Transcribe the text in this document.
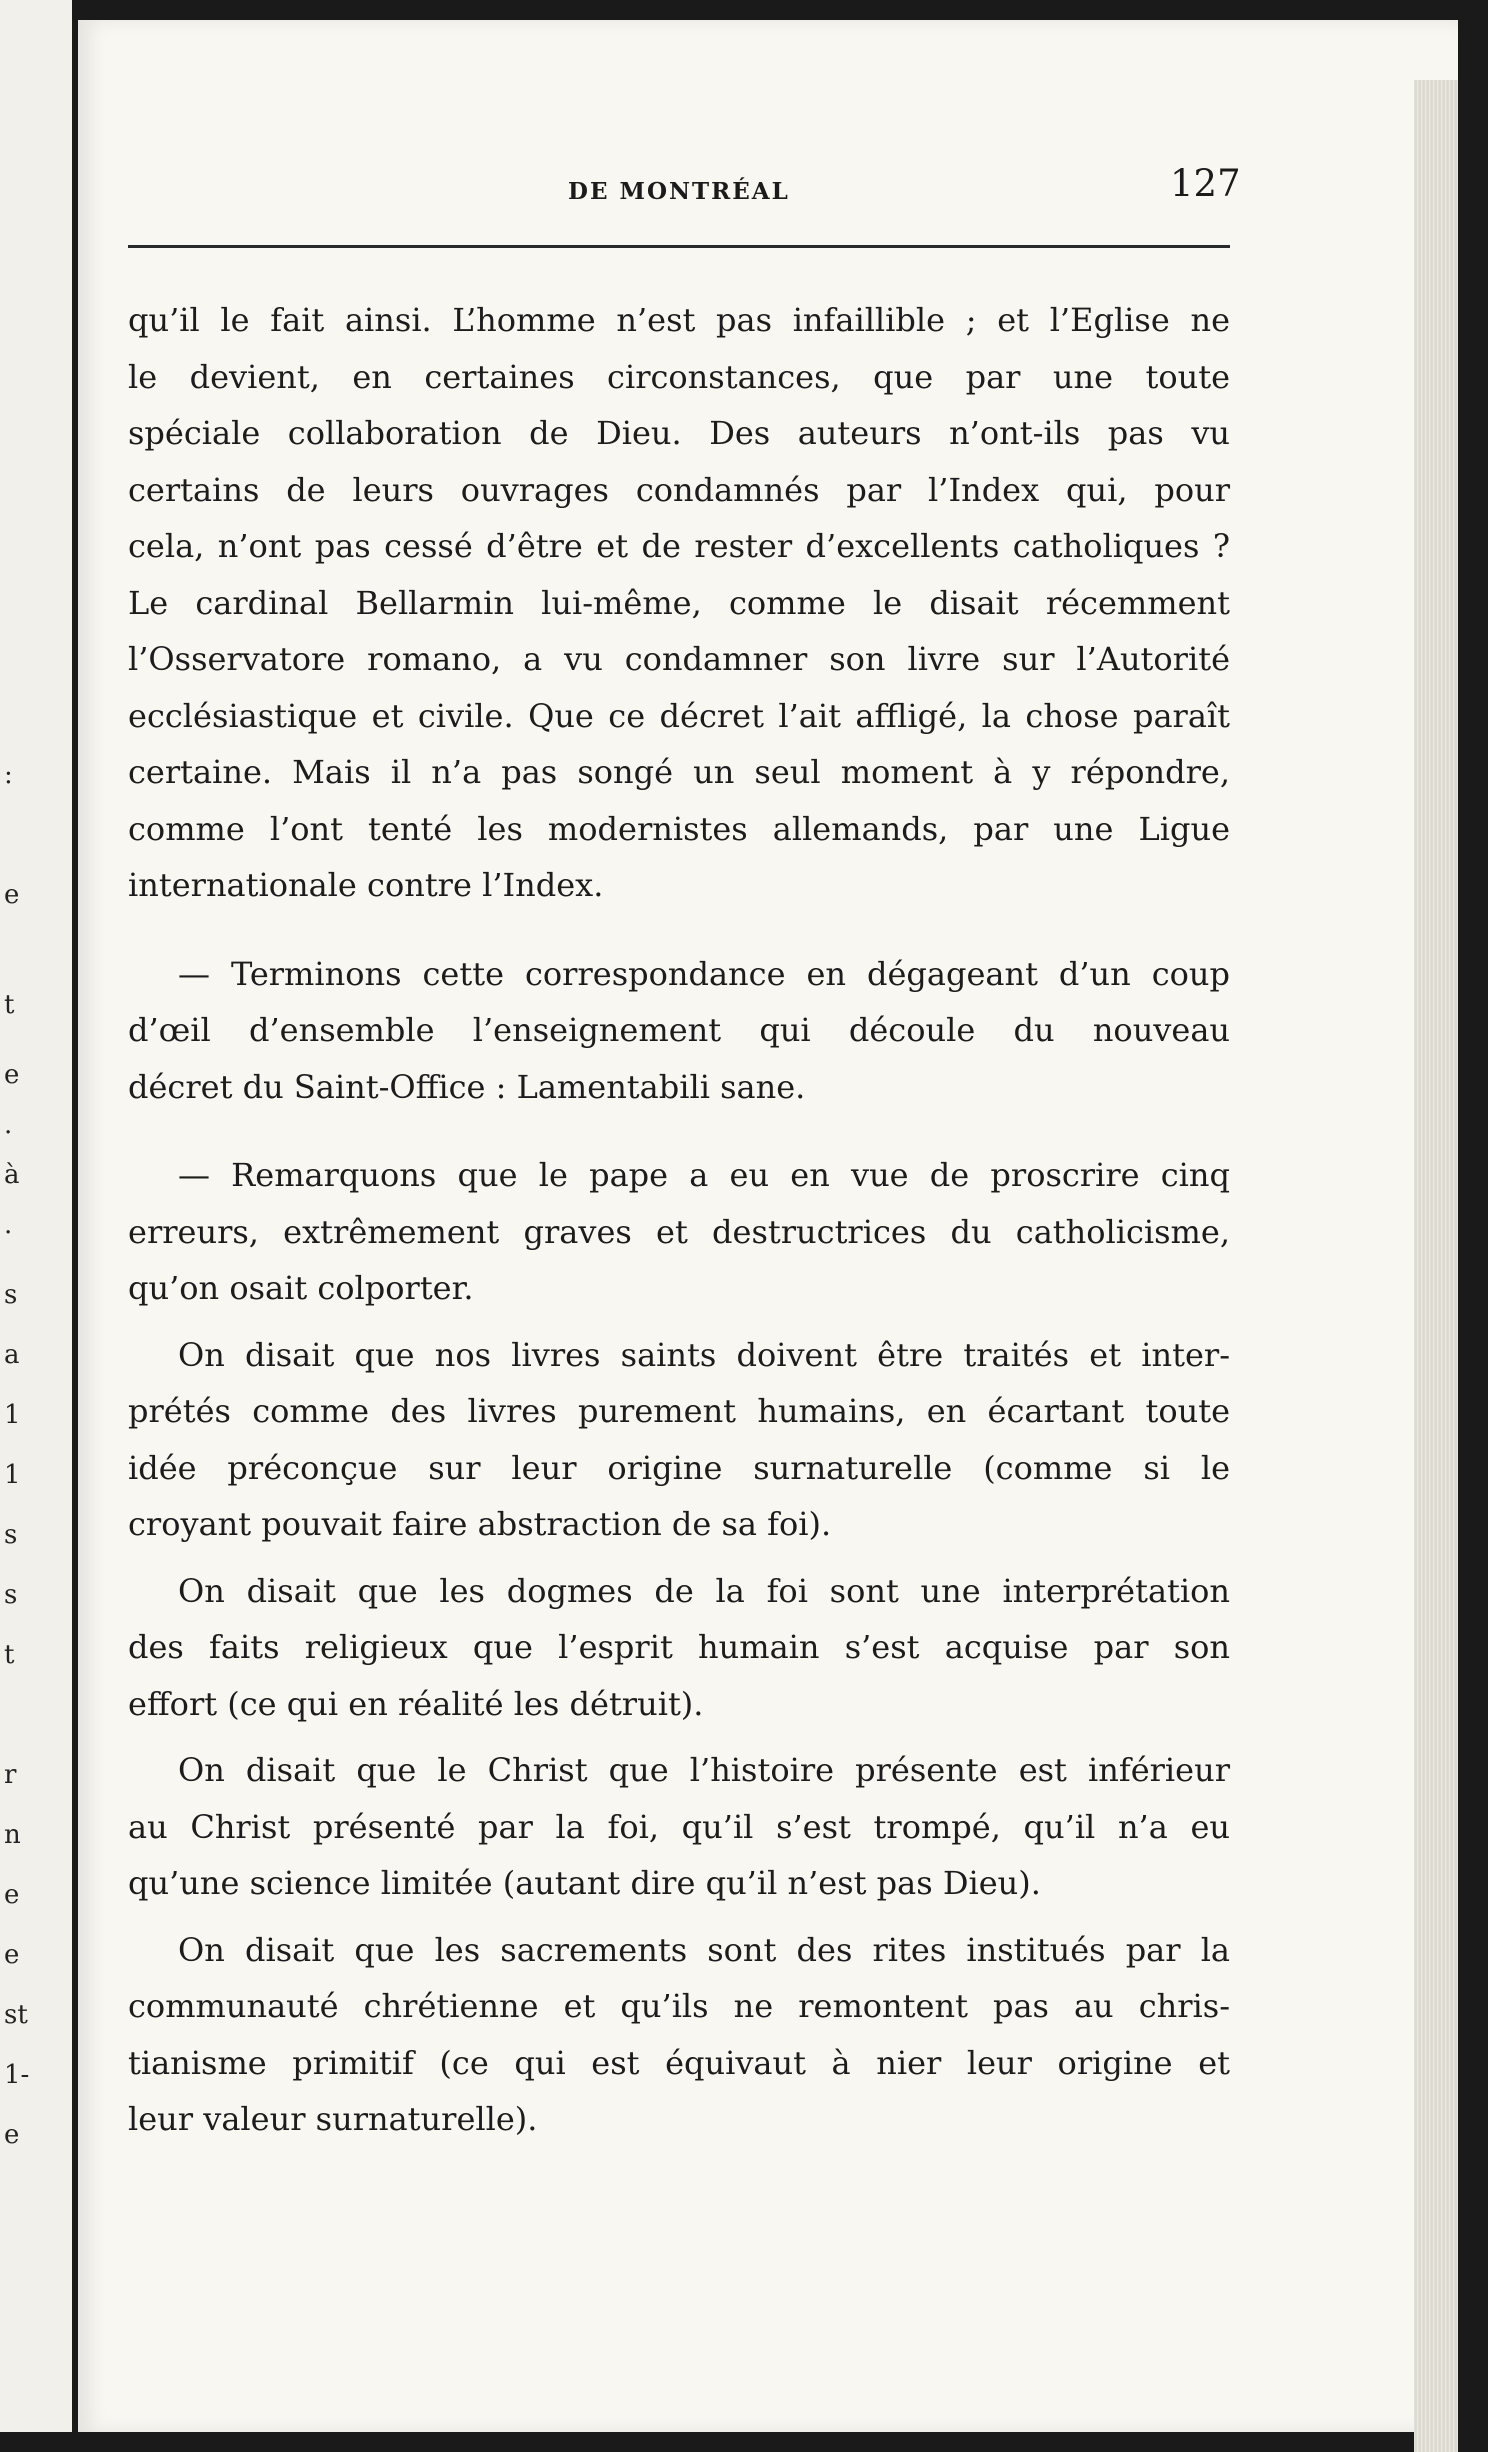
:
e
t
e
.
à
.
s
a
1
1
s
s
t
r
n
e
e
st
1-
e
DE MONTRÉAL	127
qu’il le fait ainsi. L’homme n’est pas infaillible ; et l’Eglise ne
le devient, en certaines circonstances, que par une toute
spéciale collaboration de Dieu. Des auteurs n’ont-ils pas vu
certains de leurs ouvrages condamnés par l’Index qui, pour
cela, n’ont pas cessé d’être et de rester d’excellents catholiques ?
Le cardinal Bellarmin lui-même, comme le disait récemment
l’Osservatore romano, a vu condamner son livre sur l’Autorité
ecclésiastique et civile. Que ce décret l’ait affligé, la chose paraît
certaine. Mais il n’a pas songé un seul moment à y répondre,
comme l’ont tenté les modernistes allemands, par une Ligue
internationale contre l’Index.
— Terminons cette correspondance en dégageant d’un coup
d’œil d’ensemble l’enseignement qui découle du nouveau
décret du Saint-Office : Lamentabili sane.
— Remarquons que le pape a eu en vue de proscrire cinq
erreurs, extrêmement graves et destructrices du catholicisme,
qu’on osait colporter.
On disait que nos livres saints doivent être traités et inter-
prétés comme des livres purement humains, en écartant toute
idée préconçue sur leur origine surnaturelle (comme si le
croyant pouvait faire abstraction de sa foi).
On disait que les dogmes de la foi sont une interprétation
des faits religieux que l’esprit humain s’est acquise par son
effort (ce qui en réalité les détruit).
On disait que le Christ que l’histoire présente est inférieur
au Christ présenté par la foi, qu’il s’est trompé, qu’il n’a eu
qu’une science limitée (autant dire qu’il n’est pas Dieu).
On disait que les sacrements sont des rites institués par la
communauté chrétienne et qu’ils ne remontent pas au chris-
tianisme primitif (ce qui est équivaut à nier leur origine et
leur valeur surnaturelle).
